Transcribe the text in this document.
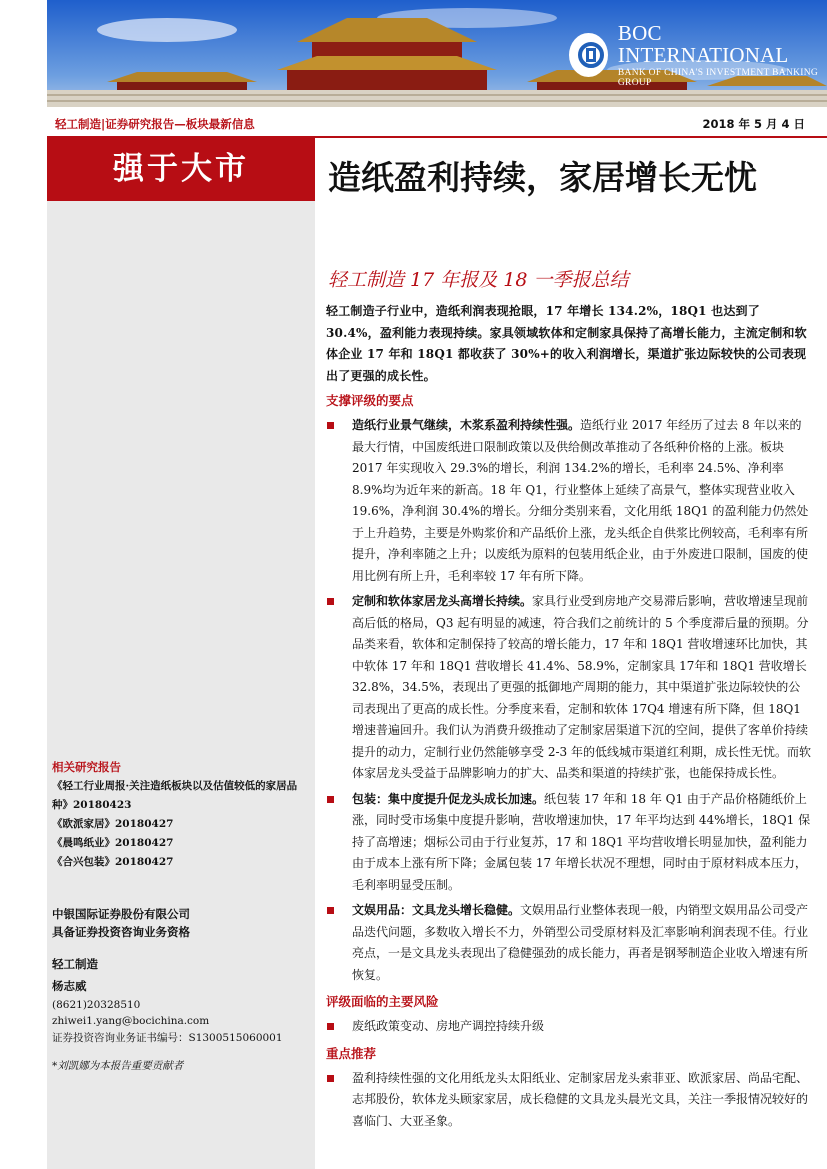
BOC INTERNATIONAL
BANK OF CHINA'S INVESTMENT BANKING GROUP
轻工制造|证券研究报告—板块最新信息	2018 年 5 月 4 日
强于大市
相关研究报告
《轻工行业周报·关注造纸板块以及估值较低的家居品种》20180423
《欧派家居》20180427
《晨鸣纸业》20180427
《合兴包装》20180427
中银国际证券股份有限公司
具备证券投资咨询业务资格
轻工制造
杨志威
(8621)20328510
zhiwei1.yang@bocichina.com
证券投资咨询业务证书编号：S1300515060001
*刘凯娜为本报告重要贡献者
造纸盈利持续，家居增长无忧
轻工制造 17 年报及 18 一季报总结

轻工制造子行业中，造纸利润表现抢眼，17 年增长 134.2%，18Q1 也达到了 30.4%，盈利能力表现持续。家具领域软体和定制家具保持了高增长能力，主流定制和软体企业 17 年和 18Q1 都收获了 30%+的收入利润增长，渠道扩张边际较快的公司表现出了更强的成长性。

支撑评级的要点
造纸行业景气继续，木浆系盈利持续性强。造纸行业 2017 年经历了过去 8 年以来的最大行情，中国废纸进口限制政策以及供给侧改革推动了各纸种价格的上涨。板块 2017 年实现收入 29.3%的增长，利润 134.2%的增长，毛利率 24.5%、净利率 8.9%均为近年来的新高。18 年 Q1，行业整体上延续了高景气，整体实现营业收入 19.6%，净利润 30.4%的增长。分细分类别来看，文化用纸 18Q1 的盈利能力仍然处于上升趋势，主要是外购浆价和产品纸价上涨，龙头纸企自供浆比例较高，毛利率有所提升，净利率随之上升；以废纸为原料的包装用纸企业，由于外废进口限制，国废的使用比例有所上升，毛利率较 17 年有所下降。
定制和软体家居龙头高增长持续。家具行业受到房地产交易滞后影响，营收增速呈现前高后低的格局，Q3 起有明显的减速，符合我们之前统计的 5 个季度滞后量的预期。分品类来看，软体和定制保持了较高的增长能力，17 年和 18Q1 营收增速环比加快，其中软体 17 年和 18Q1 营收增长 41.4%、58.9%，定制家具 17年和 18Q1 营收增长 32.8%，34.5%，表现出了更强的抵御地产周期的能力，其中渠道扩张边际较快的公司表现出了更高的成长性。分季度来看，定制和软体 17Q4 增速有所下降，但 18Q1 增速普遍回升。我们认为消费升级推动了定制家居渠道下沉的空间，提供了客单价持续提升的动力，定制行业仍然能够享受 2-3 年的低线城市渠道红利期，成长性无忧。而软体家居龙头受益于品牌影响力的扩大、品类和渠道的持续扩张，也能保持成长性。
包装：集中度提升促龙头成长加速。纸包装 17 年和 18 年 Q1 由于产品价格随纸价上涨，同时受市场集中度提升影响，营收增速加快，17 年平均达到 44%增长，18Q1 保持了高增速；烟标公司由于行业复苏，17 和 18Q1 平均营收增长明显加快，盈利能力由于成本上涨有所下降；金属包装 17 年增长状况不理想，同时由于原材料成本压力，毛利率明显受压制。
文娱用品：文具龙头增长稳健。文娱用品行业整体表现一般，内销型文娱用品公司受产品迭代问题，多数收入增长不力，外销型公司受原材料及汇率影响利润表现不佳。行业亮点，一是文具龙头表现出了稳健强劲的成长能力，再者是钢琴制造企业收入增速有所恢复。
评级面临的主要风险
废纸政策变动、房地产调控持续升级
重点推荐
盈利持续性强的文化用纸龙头太阳纸业、定制家居龙头索菲亚、欧派家居、尚品宅配、志邦股份，软体龙头顾家家居，成长稳健的文具龙头晨光文具，关注一季报情况较好的喜临门、大亚圣象。
